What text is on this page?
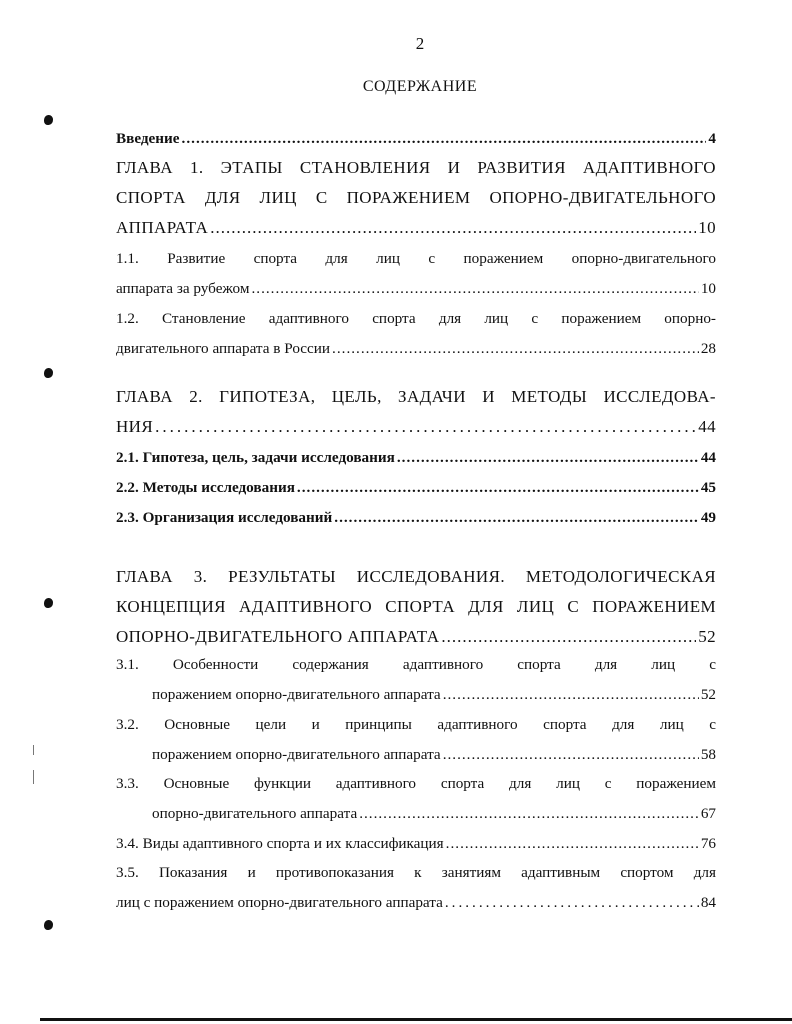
2
СОДЕРЖАНИЕ
Введение .....	4
ГЛАВА 1. ЭТАПЫ СТАНОВЛЕНИЯ И РАЗВИТИЯ АДАПТИВНОГО
СПОРТА ДЛЯ ЛИЦ С ПОРАЖЕНИЕМ ОПОРНО-ДВИГАТЕЛЬНОГО
АППАРАТА .....	10
1.1. Развитие спорта для лиц с поражением опорно-двигательного
аппарата за рубежом .....	10
1.2. Становление адаптивного спорта для лиц с поражением опорно-
двигательного аппарата в России .....	28
ГЛАВА 2. ГИПОТЕЗА, ЦЕЛЬ, ЗАДАЧИ И МЕТОДЫ ИССЛЕДОВА-
НИЯ .....	44
2.1. Гипотеза, цель, задачи исследования .....	44
2.2. Методы исследования .....	45
2.3. Организация исследований .....	49
ГЛАВА 3. РЕЗУЛЬТАТЫ ИССЛЕДОВАНИЯ. МЕТОДОЛОГИЧЕСКАЯ
КОНЦЕПЦИЯ АДАПТИВНОГО СПОРТА ДЛЯ ЛИЦ С ПОРАЖЕНИЕМ
ОПОРНО-ДВИГАТЕЛЬНОГО АППАРАТА .....	52
3.1. Особенности содержания адаптивного спорта для лиц с
поражением опорно-двигательного аппарата .....	52
3.2. Основные цели и принципы адаптивного спорта для лиц с
поражением опорно-двигательного аппарата .....	58
3.3. Основные функции адаптивного спорта для лиц с поражением
опорно-двигательного аппарата .....	67
3.4. Виды адаптивного спорта и их классификация .....	76
3.5. Показания и противопоказания к занятиям адаптивным спортом для
лиц с поражением опорно-двигательного аппарата .....	84
